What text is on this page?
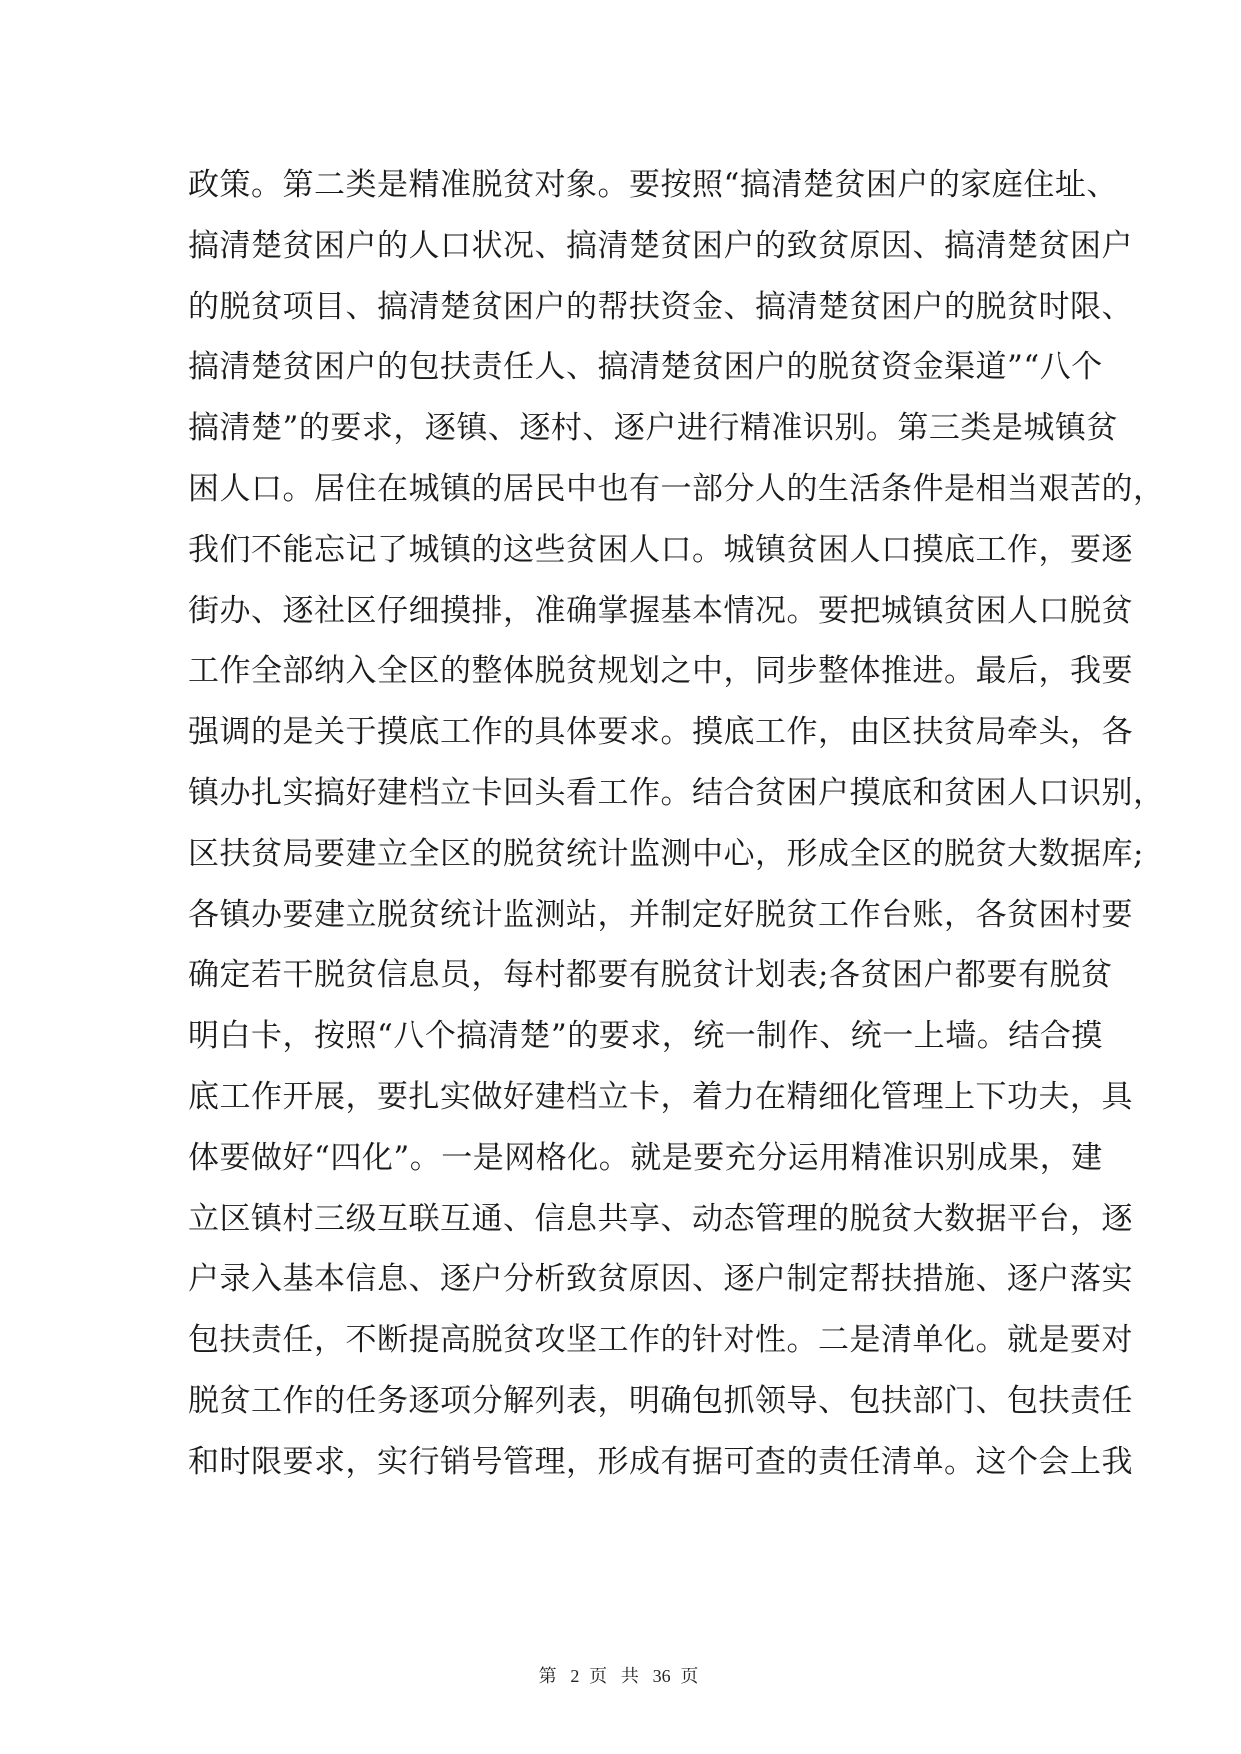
政策。第二类是精准脱贫对象。要按照“搞清楚贫困户的家庭住址、
搞清楚贫困户的人口状况、搞清楚贫困户的致贫原因、搞清楚贫困户
的脱贫项目、搞清楚贫困户的帮扶资金、搞清楚贫困户的脱贫时限、
搞清楚贫困户的包扶责任人、搞清楚贫困户的脱贫资金渠道”“八个
搞清楚”的要求，逐镇、逐村、逐户进行精准识别。第三类是城镇贫
困人口。居住在城镇的居民中也有一部分人的生活条件是相当艰苦的，
我们不能忘记了城镇的这些贫困人口。城镇贫困人口摸底工作，要逐
街办、逐社区仔细摸排，准确掌握基本情况。要把城镇贫困人口脱贫
工作全部纳入全区的整体脱贫规划之中，同步整体推进。最后，我要
强调的是关于摸底工作的具体要求。摸底工作，由区扶贫局牵头，各
镇办扎实搞好建档立卡回头看工作。结合贫困户摸底和贫困人口识别，
区扶贫局要建立全区的脱贫统计监测中心，形成全区的脱贫大数据库;
各镇办要建立脱贫统计监测站，并制定好脱贫工作台账，各贫困村要
确定若干脱贫信息员，每村都要有脱贫计划表;各贫困户都要有脱贫
明白卡，按照“八个搞清楚”的要求，统一制作、统一上墙。结合摸
底工作开展，要扎实做好建档立卡，着力在精细化管理上下功夫，具
体要做好“四化”。一是网格化。就是要充分运用精准识别成果，建
立区镇村三级互联互通、信息共享、动态管理的脱贫大数据平台，逐
户录入基本信息、逐户分析致贫原因、逐户制定帮扶措施、逐户落实
包扶责任，不断提高脱贫攻坚工作的针对性。二是清单化。就是要对
脱贫工作的任务逐项分解列表，明确包抓领导、包扶部门、包扶责任
和时限要求，实行销号管理，形成有据可查的责任清单。这个会上我
第 2 页 共 36 页
